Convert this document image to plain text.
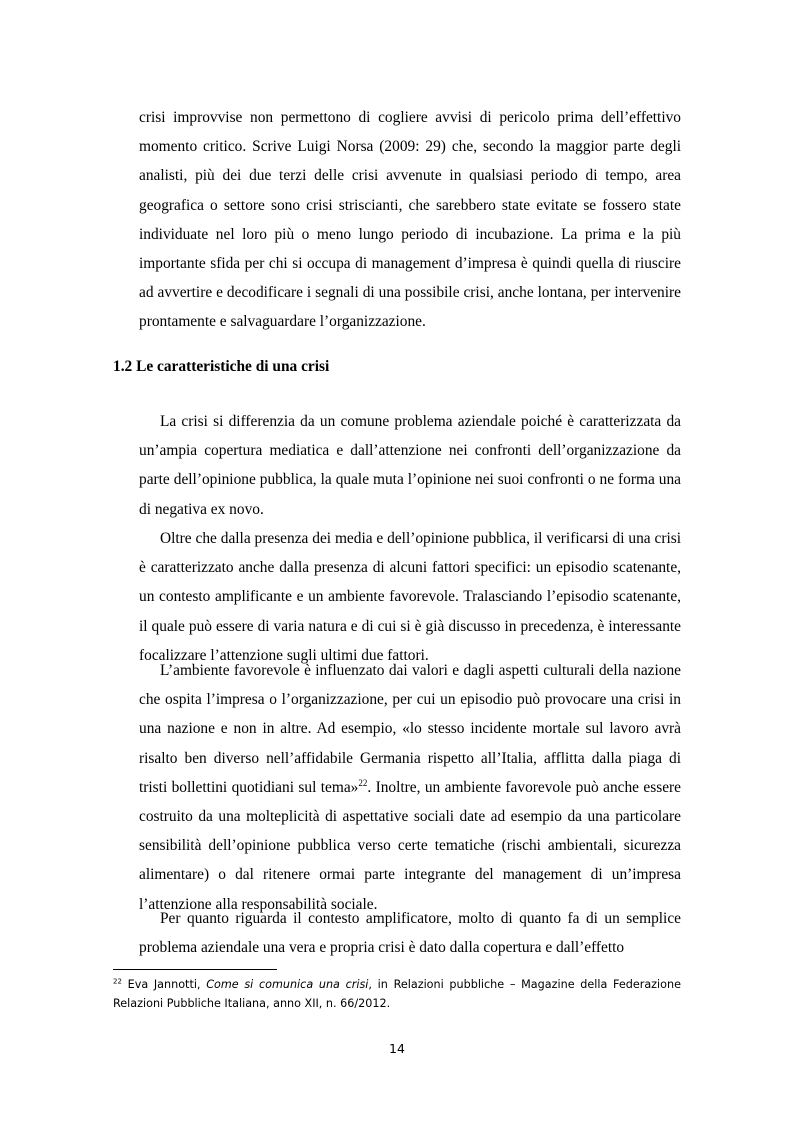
crisi improvvise non permettono di cogliere avvisi di pericolo prima dell’effettivo momento critico. Scrive Luigi Norsa (2009: 29) che, secondo la maggior parte degli analisti, più dei due terzi delle crisi avvenute in qualsiasi periodo di tempo, area geografica o settore sono crisi striscianti, che sarebbero state evitate se fossero state individuate nel loro più o meno lungo periodo di incubazione. La prima e la più importante sfida per chi si occupa di management d’impresa è quindi quella di riuscire ad avvertire e decodificare i segnali di una possibile crisi, anche lontana, per intervenire prontamente e salvaguardare l’organizzazione.

1.2 Le caratteristiche di una crisi

La crisi si differenzia da un comune problema aziendale poiché è caratterizzata da un’ampia copertura mediatica e dall’attenzione nei confronti dell’organizzazione da parte dell’opinione pubblica, la quale muta l’opinione nei suoi confronti o ne forma una di negativa ex novo.

Oltre che dalla presenza dei media e dell’opinione pubblica, il verificarsi di una crisi è caratterizzato anche dalla presenza di alcuni fattori specifici: un episodio scatenante, un contesto amplificante e un ambiente favorevole. Tralasciando l’episodio scatenante, il quale può essere di varia natura e di cui si è già discusso in precedenza, è interessante focalizzare l’attenzione sugli ultimi due fattori.

L’ambiente favorevole è influenzato dai valori e dagli aspetti culturali della nazione che ospita l’impresa o l’organizzazione, per cui un episodio può provocare una crisi in una nazione e non in altre. Ad esempio, «lo stesso incidente mortale sul lavoro avrà risalto ben diverso nell’affidabile Germania rispetto all’Italia, afflitta dalla piaga di tristi bollettini quotidiani sul tema»$^{22}$. Inoltre, un ambiente favorevole può anche essere costruito da una molteplicità di aspettative sociali date ad esempio da una particolare sensibilità dell’opinione pubblica verso certe tematiche (rischi ambientali, sicurezza alimentare) o dal ritenere ormai parte integrante del management di un’impresa l’attenzione alla responsabilità sociale.

Per quanto riguarda il contesto amplificatore, molto di quanto fa di un semplice problema aziendale una vera e propria crisi è dato dalla copertura e dall’effetto

$^{22}$ Eva Jannotti, Come si comunica una crisi, in Relazioni pubbliche – Magazine della Federazione Relazioni Pubbliche Italiana, anno XII, n. 66/2012.

14
